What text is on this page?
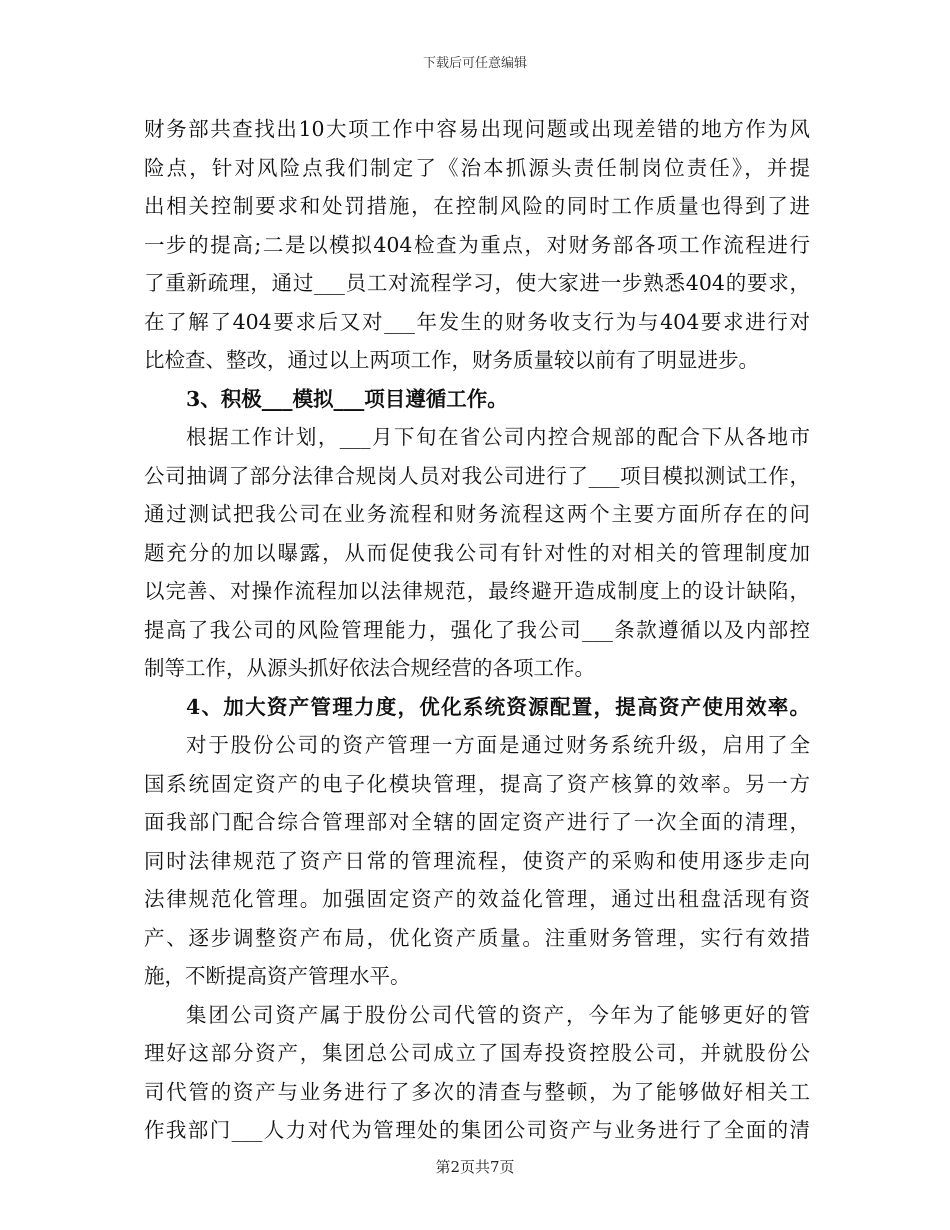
下载后可任意编辑
财务部共查找出10大项工作中容易出现问题或出现差错的地方作为风
险点，针对风险点我们制定了《治本抓源头责任制岗位责任》，并提
出相关控制要求和处罚措施，在控制风险的同时工作质量也得到了进
一步的提高;二是以模拟404检查为重点，对财务部各项工作流程进行
了重新疏理，通过___员工对流程学习，使大家进一步熟悉404的要求，
在了解了404要求后又对___年发生的财务收支行为与404要求进行对
比检查、整改，通过以上两项工作，财务质量较以前有了明显进步。
3、积极___模拟___项目遵循工作。
根据工作计划，___月下旬在省公司内控合规部的配合下从各地市
公司抽调了部分法律合规岗人员对我公司进行了___项目模拟测试工作，
通过测试把我公司在业务流程和财务流程这两个主要方面所存在的问
题充分的加以曝露，从而促使我公司有针对性的对相关的管理制度加
以完善、对操作流程加以法律规范，最终避开造成制度上的设计缺陷，
提高了我公司的风险管理能力，强化了我公司___条款遵循以及内部控
制等工作，从源头抓好依法合规经营的各项工作。
4、加大资产管理力度，优化系统资源配置，提高资产使用效率。
对于股份公司的资产管理一方面是通过财务系统升级，启用了全
国系统固定资产的电子化模块管理，提高了资产核算的效率。另一方
面我部门配合综合管理部对全辖的固定资产进行了一次全面的清理，
同时法律规范了资产日常的管理流程，使资产的采购和使用逐步走向
法律规范化管理。加强固定资产的效益化管理，通过出租盘活现有资
产、逐步调整资产布局，优化资产质量。注重财务管理，实行有效措
施，不断提高资产管理水平。
集团公司资产属于股份公司代管的资产，今年为了能够更好的管
理好这部分资产，集团总公司成立了国寿投资控股公司，并就股份公
司代管的资产与业务进行了多次的清查与整顿，为了能够做好相关工
作我部门___人力对代为管理处的集团公司资产与业务进行了全面的清
第2页共7页
